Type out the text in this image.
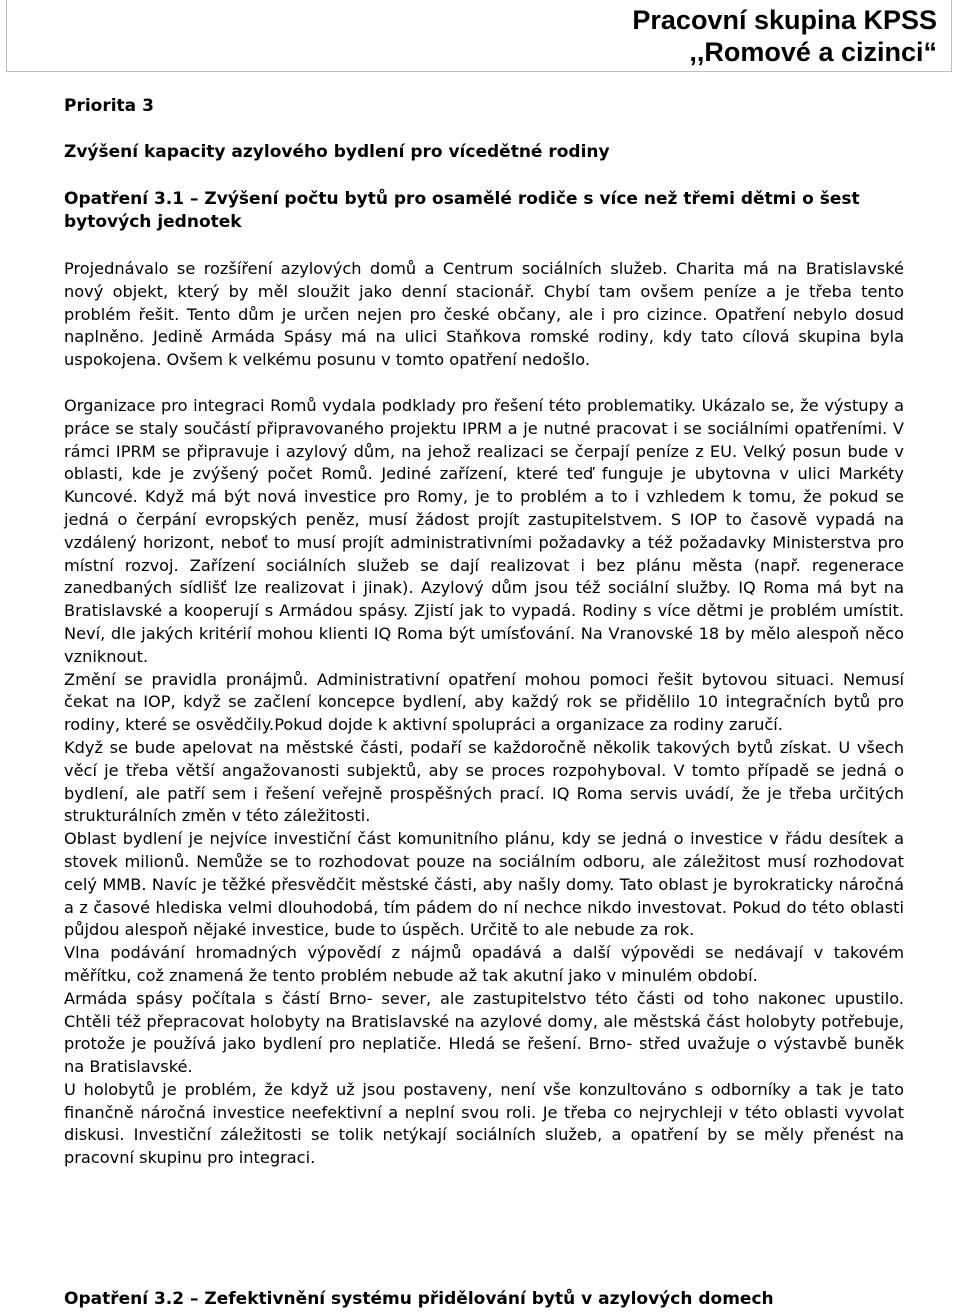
Pracovní skupina KPSS
,,Romové a cizinci“

Priorita 3

Zvýšení kapacity azylového bydlení pro vícedětné rodiny

Opatření 3.1 – Zvýšení počtu bytů pro osamělé rodiče s více než třemi dětmi o šest bytových jednotek

Projednávalo se rozšíření azylových domů a Centrum sociálních služeb. Charita má na Bratislavské nový objekt, který by měl sloužit jako denní stacionář. Chybí tam ovšem peníze a je třeba tento problém řešit. Tento dům je určen nejen pro české občany, ale i pro cizince. Opatření nebylo dosud naplněno. Jedině Armáda Spásy má na ulici Staňkova romské rodiny, kdy tato cílová skupina byla uspokojena. Ovšem k velkému posunu v tomto opatření nedošlo.

Organizace pro integraci Romů vydala podklady pro řešení této problematiky. Ukázalo se, že výstupy a práce se staly součástí připravovaného projektu IPRM a je nutné pracovat i se sociálními opatřeními. V rámci IPRM se připravuje i azylový dům, na jehož realizaci se čerpají peníze z EU. Velký posun bude v oblasti, kde je zvýšený počet Romů. Jediné zařízení, které teď funguje je ubytovna v ulici Markéty Kuncové. Když má být nová investice pro Romy, je to problém a to i vzhledem k tomu, že pokud se jedná o čerpání evropských peněz, musí žádost projít zastupitelstvem. S IOP to časově vypadá na vzdálený horizont, neboť to musí projít administrativními požadavky a též požadavky Ministerstva pro místní rozvoj. Zařízení sociálních služeb se dají realizovat i bez plánu města (např. regenerace zanedbaných sídlišť lze realizovat i jinak). Azylový dům jsou též sociální služby. IQ Roma má byt na Bratislavské a kooperují s Armádou spásy. Zjistí jak to vypadá. Rodiny s více dětmi je problém umístit. Neví, dle jakých kritérií mohou klienti IQ Roma být umísťování. Na Vranovské 18 by mělo alespoň něco vzniknout.

Změní se pravidla pronájmů. Administrativní opatření mohou pomoci řešit bytovou situaci. Nemusí čekat na IOP, když se začlení koncepce bydlení, aby každý rok se přidělilo 10 integračních bytů pro rodiny, které se osvědčily.Pokud dojde k aktivní spolupráci a organizace za rodiny zaručí.

Když se bude apelovat na městské části, podaří se každoročně několik takových bytů získat. U všech věcí je třeba větší angažovanosti subjektů, aby se proces rozpohyboval. V tomto případě se jedná o bydlení, ale patří sem i řešení veřejně prospěšných prací. IQ Roma servis uvádí, že je třeba určitých strukturálních změn v této záležitosti.

Oblast bydlení je nejvíce investiční část komunitního plánu, kdy se jedná o investice v řádu desítek a stovek milionů. Nemůže se to rozhodovat pouze na sociálním odboru, ale záležitost musí rozhodovat celý MMB. Navíc je těžké přesvědčit městské části, aby našly domy. Tato oblast je byrokraticky náročná a z časové hlediska velmi dlouhodobá, tím pádem do ní nechce nikdo investovat. Pokud do této oblasti půjdou alespoň nějaké investice, bude to úspěch. Určitě to ale nebude za rok.

Vlna podávání hromadných výpovědí z nájmů opadává a další výpovědi se nedávají v takovém měřítku, což znamená že tento problém nebude až tak akutní jako v minulém období.

Armáda spásy počítala s částí Brno- sever, ale zastupitelstvo této části od toho nakonec upustilo. Chtěli též přepracovat holobyty na Bratislavské na azylové domy, ale městská část holobyty potřebuje, protože je používá jako bydlení pro neplatiče. Hledá se řešení. Brno- střed uvažuje o výstavbě buněk na Bratislavské.

U holobytů je problém, že když už jsou postaveny, není vše konzultováno s odborníky a tak je tato finančně náročná investice neefektivní a neplní svou roli. Je třeba co nejrychleji v této oblasti vyvolat diskusi. Investiční záležitosti se tolik netýkají sociálních služeb, a opatření by se měly přenést na pracovní skupinu pro integraci.

Opatření 3.2 – Zefektivnění systému přidělování bytů v azylových domech
